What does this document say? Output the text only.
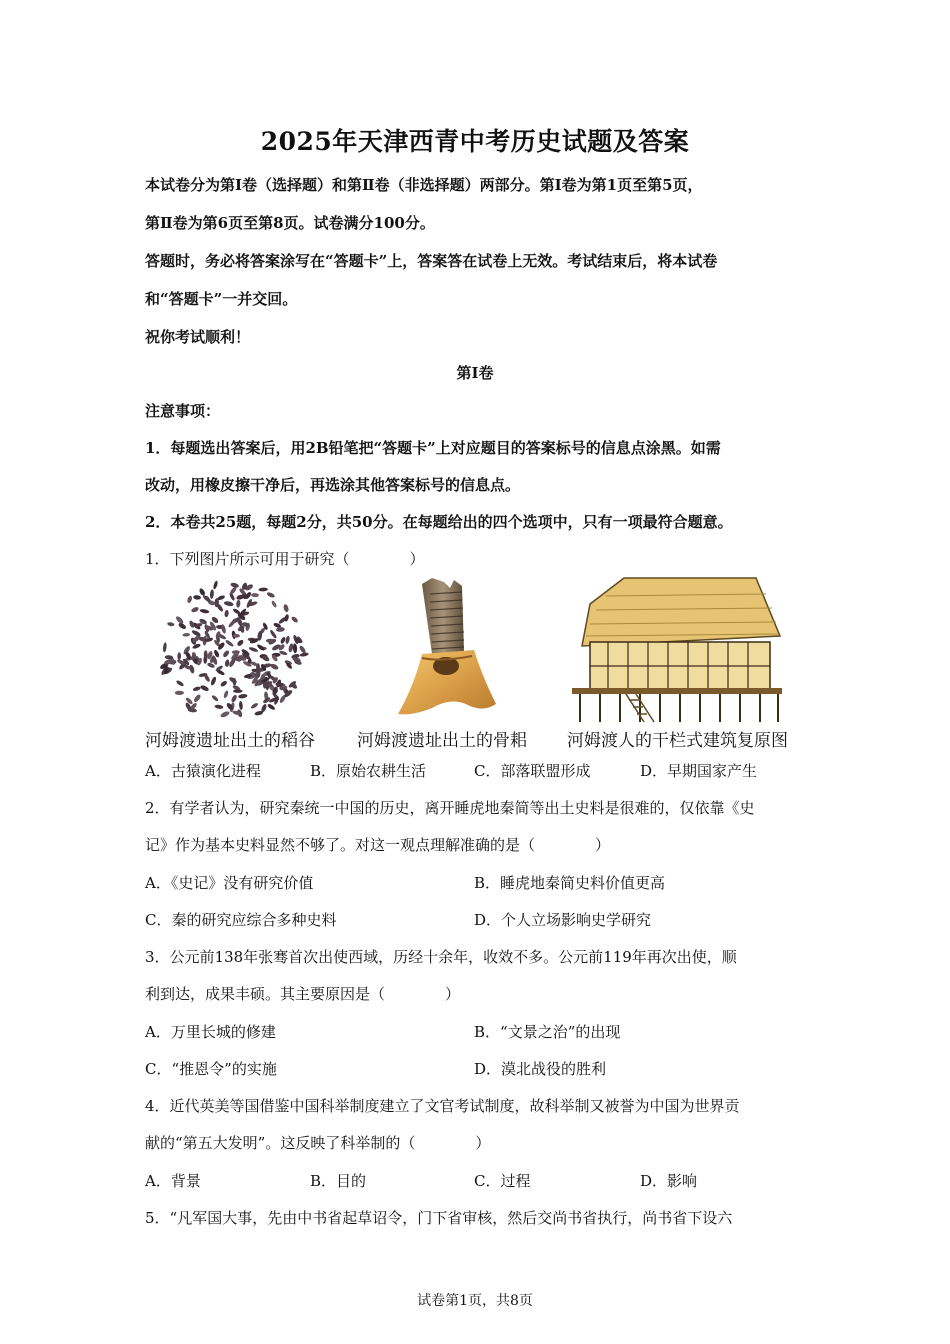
2025年天津西青中考历史试题及答案
本试卷分为第Ⅰ卷（选择题）和第Ⅱ卷（非选择题）两部分。第Ⅰ卷为第1页至第5页，
第Ⅱ卷为第6页至第8页。试卷满分100分。
答题时，务必将答案涂写在“答题卡”上，答案答在试卷上无效。考试结束后，将本试卷
和“答题卡”一并交回。
祝你考试顺利！
第Ⅰ卷
注意事项：
1．每题选出答案后，用2B铅笔把“答题卡”上对应题目的答案标号的信息点涂黑。如需
改动，用橡皮擦干净后，再选涂其他答案标号的信息点。
2．本卷共25题，每题2分，共50分。在每题给出的四个选项中，只有一项最符合题意。
1．下列图片所示可用于研究（　　　　）
河姆渡遗址出土的稻谷 河姆渡遗址出土的骨耜 河姆渡人的干栏式建筑复原图
A．古猿演化进程	B．原始农耕生活	C．部落联盟形成	D．早期国家产生
2．有学者认为，研究秦统一中国的历史，离开睡虎地秦简等出土史料是很难的，仅依靠《史
记》作为基本史料显然不够了。对这一观点理解准确的是（　　　　）
A．《史记》没有研究价值	B．睡虎地秦简史料价值更高
C．秦的研究应综合多种史料	D．个人立场影响史学研究
3．公元前138年张骞首次出使西域，历经十余年，收效不多。公元前119年再次出使，顺
利到达，成果丰硕。其主要原因是（　　　　）
A．万里长城的修建	B．“文景之治”的出现
C．“推恩令”的实施	D．漠北战役的胜利
4．近代英美等国借鉴中国科举制度建立了文官考试制度，故科举制又被誉为中国为世界贡
献的“第五大发明”。这反映了科举制的（　　　　）
A．背景	B．目的	C．过程	D．影响
5．“凡军国大事，先由中书省起草诏令，门下省审核，然后交尚书省执行，尚书省下设六
试卷第1页，共8页
